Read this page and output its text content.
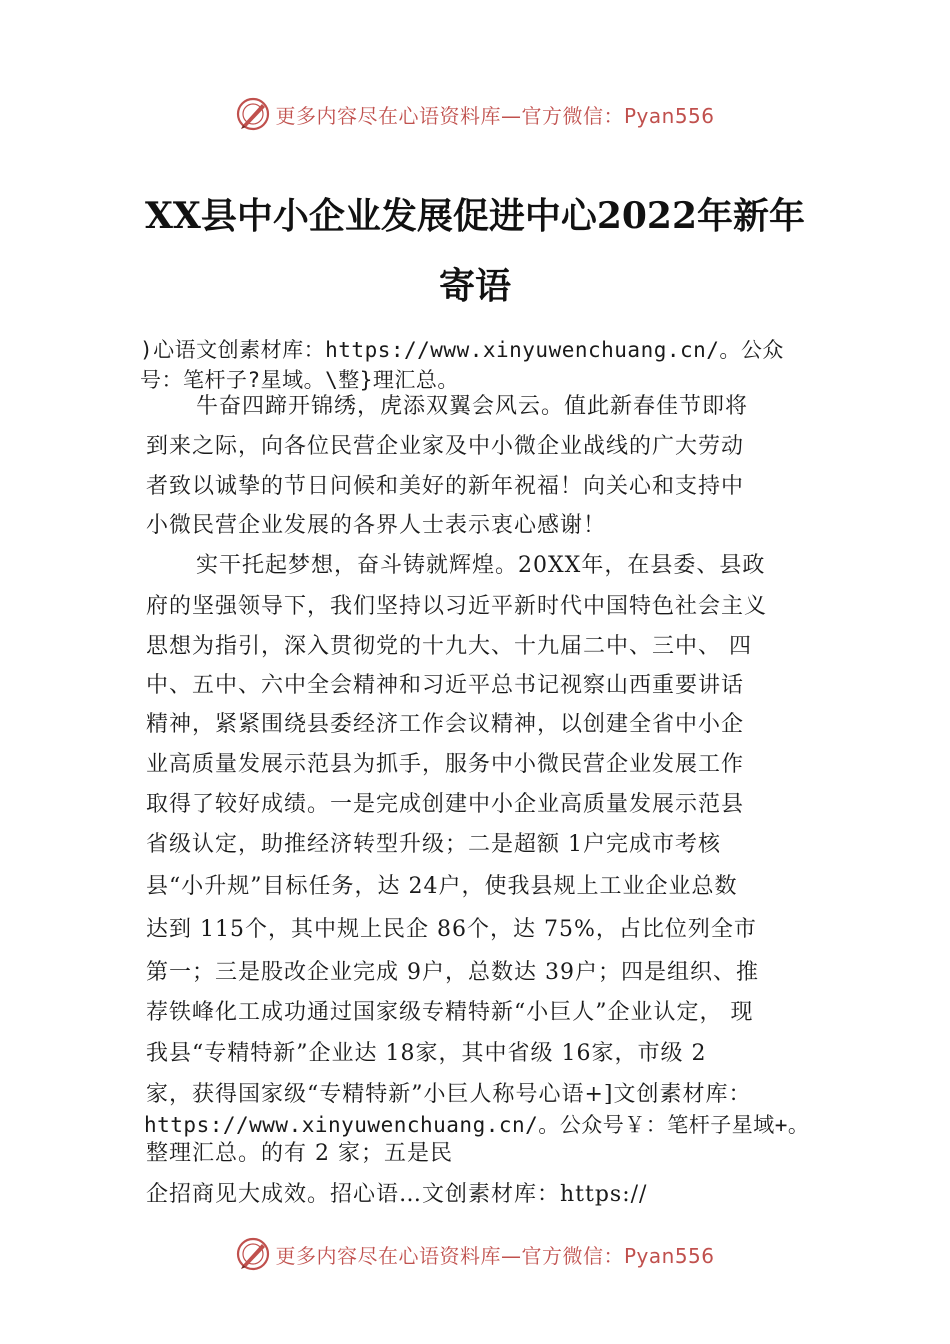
更多内容尽在心语资料库—官方微信：Pyan556
XX县中小企业发展促进中心2022年新年
寄语
)心语文创素材库：https://www.xinyuwenchuang.cn/。公众
号：笔杆子?星域。\整}理汇总。
牛奋四蹄开锦绣，虎添双翼会风云。值此新春佳节即将
到来之际，向各位民营企业家及中小微企业战线的广大劳动
者致以诚挚的节日问候和美好的新年祝福！向关心和支持中
小微民营企业发展的各界人士表示衷心感谢！
实干托起梦想，奋斗铸就辉煌。20XX年，在县委、县政
府的坚强领导下，我们坚持以习近平新时代中国特色社会主义
思想为指引，深入贯彻党的十九大、十九届二中、三中、 四
中、五中、六中全会精神和习近平总书记视察山西重要讲话
精神，紧紧围绕县委经济工作会议精神，以创建全省中小企
业高质量发展示范县为抓手，服务中小微民营企业发展工作
取得了较好成绩。一是完成创建中小企业高质量发展示范县
省级认定，助推经济转型升级；二是超额 1户完成市考核
县“小升规”目标任务，达 24户，使我县规上工业企业总数
达到 115个，其中规上民企 86个，达 75%，占比位列全市
第一；三是股改企业完成 9户，总数达 39户；四是组织、推
荐铁峰化工成功通过国家级专精特新“小巨人”企业认定， 现
我县“专精特新”企业达 18家，其中省级 16家，市级 2
家，获得国家级“专精特新”小巨人称号心语+]文创素材库：
https://www.xinyuwenchuang.cn/。公众号￥：笔杆子星域+。
整理汇总。的有 2 家；五是民
企招商见大成效。招心语…文创素材库：https://
更多内容尽在心语资料库—官方微信：Pyan556
